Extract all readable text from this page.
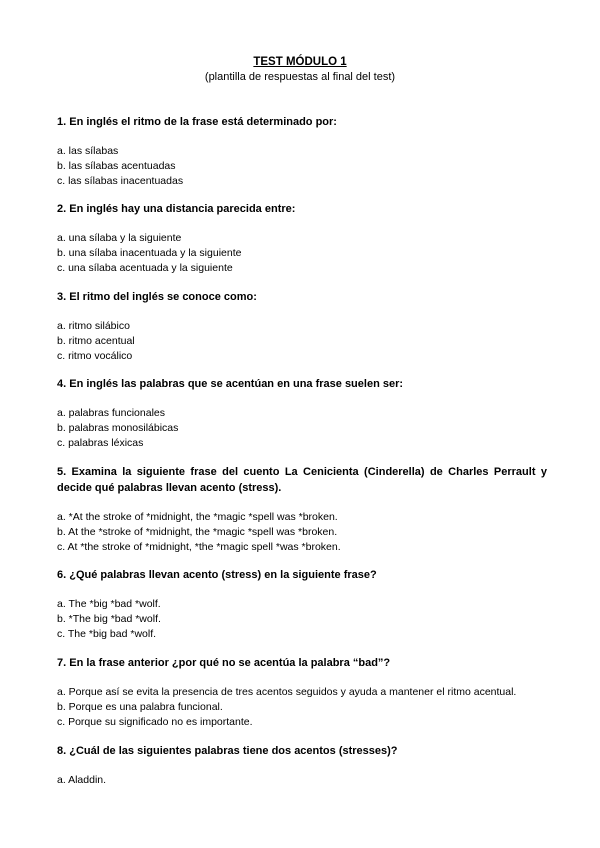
TEST MÓDULO 1
(plantilla de respuestas al final del test)

1. En inglés el ritmo de la frase está determinado por:

a. las sílabas

b. las sílabas acentuadas

c. las sílabas inacentuadas

2. En inglés hay una distancia parecida entre:

a. una sílaba y la siguiente

b. una sílaba inacentuada y la siguiente

c. una sílaba acentuada y la siguiente

3. El ritmo del inglés se conoce como:

a. ritmo silábico

b. ritmo acentual

c. ritmo vocálico

4. En inglés las palabras que se acentúan en una frase suelen ser:

a. palabras funcionales

b. palabras monosilábicas

c. palabras léxicas

5. Examina la siguiente frase del cuento La Cenicienta (Cinderella) de Charles Perrault y decide qué palabras llevan acento (stress).

a. *At the stroke of *midnight, the *magic *spell was *broken.

b. At the *stroke of *midnight, the *magic *spell was *broken.

c. At *the stroke of *midnight, *the *magic spell *was *broken.

6. ¿Qué palabras llevan acento (stress) en la siguiente frase?

a. The *big *bad *wolf.

b. *The big *bad *wolf.

c. The *big bad *wolf.

7. En la frase anterior ¿por qué no se acentúa la palabra “bad”?

a. Porque así se evita la presencia de tres acentos seguidos y ayuda a mantener el ritmo acentual.

b. Porque es una palabra funcional.

c. Porque su significado no es importante.

8. ¿Cuál de las siguientes palabras tiene dos acentos (stresses)?

a. Aladdin.
